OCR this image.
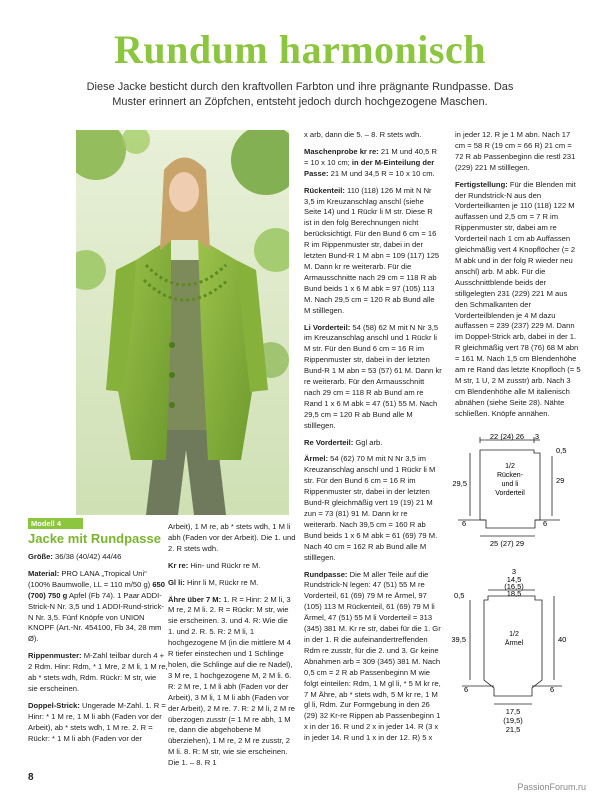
Rundum harmonisch
Diese Jacke besticht durch den kraftvollen Farbton und ihre prägnante Rundpasse. Das Muster erinnert an Zöpfchen, entsteht jedoch durch hochgezogene Maschen.
Modell 4
Jacke mit Rundpasse

Größe: 36/38 (40/42) 44/46

Material: PRO LANA „Tropical Uni“ (100% Baumwolle, LL = 110 m/50 g) 650 (700) 750 g Apfel (Fb 74). 1 Paar ADDI-Strick-N Nr. 3,5 und 1 ADDI-Rund-strick-N Nr. 3,5. Fünf Knöpfe von UNION KNOPF (Art.-Nr. 454100, Fb 34, 28 mm Ø).

Rippenmuster: M-Zahl teilbar durch 4 + 2 Rdm. Hinr: Rdm, * 1 Mre, 2 M li, 1 M re, ab * stets wdh, Rdm. Rückr: M str, wie sie erscheinen.

Doppel-Strick: Ungerade M-Zahl. 1. R = Hinr: * 1 M re, 1 M li abh (Faden vor der Arbeit), ab * stets wdh, 1 M re. 2. R = Rückr: * 1 M li abh (Faden vor der

Arbeit), 1 M re, ab * stets wdh, 1 M li abh (Faden vor der Arbeit). Die 1. und 2. R stets wdh.

Kr re: Hin- und Rückr re M.

Gl li: Hinr li M, Rückr re M.

Ähre über 7 M: 1. R = Hinr: 2 M li, 3 M re, 2 M li. 2. R = Rückr: M str, wie sie erscheinen. 3. und 4. R: Wie die 1. und 2. R. 5. R: 2 M li, 1 hochgezogene M (in die mittlere M 4 R tiefer einstechen und 1 Schlinge holen, die Schlinge auf die re Nadel), 3 M re, 1 hochgezogene M, 2 M li. 6. R: 2 M re, 1 M li abh (Faden vor der Arbeit), 3 M li, 1 M li abh (Faden vor der Arbeit), 2 M re. 7. R: 2 M li, 2 M re überzogen zusstr (= 1 M re abh, 1 M re, dann die abgehobene M überziehen), 1 M re, 2 M re zusstr, 2 M li. 8. R: M str, wie sie erscheinen. Die 1. – 8. R 1

x arb, dann die 5. – 8. R stets wdh.

Maschenprobe kr re: 21 M und 40,5 R = 10 x 10 cm; in der M-Einteilung der Passe: 21 M und 34,5 R = 10 x 10 cm.

Rückenteil: 110 (118) 126 M mit N Nr 3,5 im Kreuzanschlag anschl (siehe Seite 14) und 1 Rückr li M str. Diese R ist in den folg Berechnungen nicht berücksichtigt. Für den Bund 6 cm = 16 R im Rippenmuster str, dabei in der letzten Bund-R 1 M abn = 109 (117) 125 M. Dann kr re weiterarb. Für die Armausschnitte nach 29 cm = 118 R ab Bund beids 1 x 6 M abk = 97 (105) 113 M. Nach 29,5 cm = 120 R ab Bund alle M stilllegen.

Li Vorderteil: 54 (58) 62 M mit N Nr 3,5 im Kreuzanschlag anschl und 1 Rückr li M str. Für den Bund 6 cm = 16 R im Rippenmuster str, dabei in der letzten Bund-R 1 M abn = 53 (57) 61 M. Dann kr re weiterarb. Für den Armausschnitt nach 29 cm = 118 R ab Bund am re Rand 1 x 6 M abk = 47 (51) 55 M. Nach 29,5 cm = 120 R ab Bund alle M stilllegen.

Re Vorderteil: Ggl arb.

Ärmel: 54 (62) 70 M mit N Nr 3,5 im Kreuzanschlag anschl und 1 Rückr li M str. Für den Bund 6 cm = 16 R im Rippenmuster str, dabei in der letzten Bund-R gleichmäßig vert 19 (19) 21 M zun = 73 (81) 91 M. Dann kr re weiterarb. Nach 39,5 cm = 160 R ab Bund beids 1 x 6 M abk = 61 (69) 79 M. Nach 40 cm = 162 R ab Bund alle M stilllegen.

Rundpasse: Die M aller Teile auf die Rundstrick-N legen: 47 (51) 55 M re Vorderteil, 61 (69) 79 M re Ärmel, 97 (105) 113 M Rückenteil, 61 (69) 79 M li Ärmel, 47 (51) 55 M li Vorderteil = 313 (345) 381 M. Kr re str, dabei für die 1. Gr in der 1. R die aufeinandertreffenden Rdm re zusstr, für die 2. und 3. Gr keine Abnahmen arb = 309 (345) 381 M. Nach 0,5 cm = 2 R ab Passenbeginn M wie folgt einteilen: Rdm, 1 M gl li, * 5 M kr re, 7 M Ähre, ab * stets wdh, 5 M kr re, 1 M gl li, Rdm. Zur Formgebung in den 26 (29) 32 Kr-re Rippen ab Passenbeginn 1 x in der 16. R und 2 x in jeder 14. R (3 x in jeder 14. R und 1 x in der 12. R) 5 x

in jeder 12. R je 1 M abn. Nach 17 cm = 58 R (19 cm = 66 R) 21 cm = 72 R ab Passenbeginn die restl 231 (229) 221 M stilllegen.

Fertigstellung: Für die Blenden mit der Rundstrick-N aus den Vorderteilkanten je 110 (118) 122 M auffassen und 2,5 cm = 7 R im Rippenmuster str, dabei am re Vorderteil nach 1 cm ab Auffassen gleichmäßig vert 4 Knopflöcher (= 2 M abk und in der folg R wieder neu anschl) arb. M abk. Für die Ausschnittblende beids der stillgelegten 231 (229) 221 M aus den Schmalkanten der Vorderteilblenden je 4 M dazu auffassen = 239 (237) 229 M. Dann im Doppel-Strick arb, dabei in der 1. R gleichmäßig vert 78 (76) 68 M abn = 161 M. Nach 1,5 cm Blendenhöhe am re Rand das letzte Knopfloch (= 5 M str, 1 U, 2 M zusstr) arb. Nach 3 cm Blendenhöhe alle M italienisch abnähen (siehe Seite 28). Nähte schließen. Knöpfe annähen.

22 (24) 26 3
0,5
29,5	29
1/2
Rücken-
und li
Vorderteil
6	6
25 (27) 29
3
14,5
(16,5)
18,5
0,5
39,5	40
1/2
Ärmel
6	6
17,5
(19,5)
21,5
8
PassionForum.ru
